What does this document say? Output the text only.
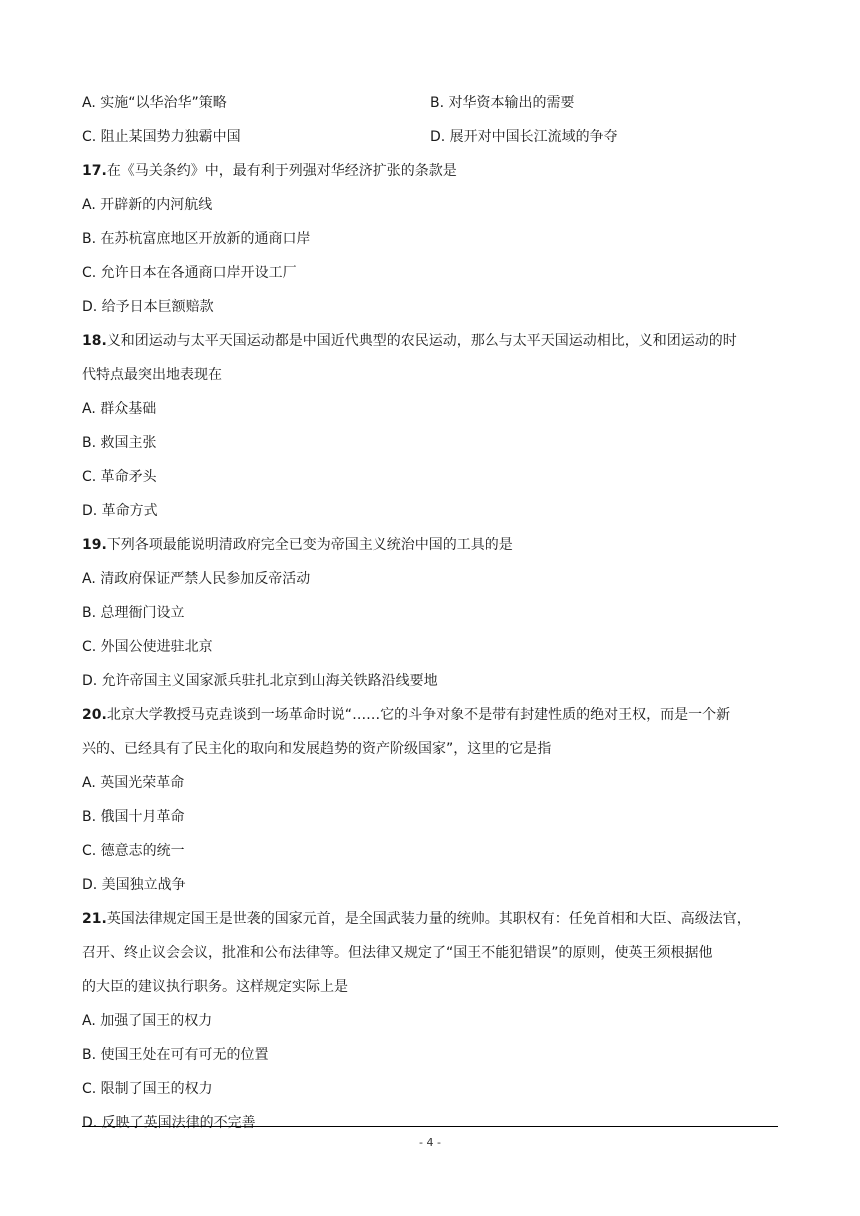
A. 实施“以华治华”策略	B. 对华资本输出的需要
C. 阻止某国势力独霸中国	D. 展开对中国长江流域的争夺
17.在《马关条约》中，最有利于列强对华经济扩张的条款是
A. 开辟新的内河航线
B. 在苏杭富庶地区开放新的通商口岸
C. 允许日本在各通商口岸开设工厂
D. 给予日本巨额赔款
18.义和团运动与太平天国运动都是中国近代典型的农民运动，那么与太平天国运动相比，义和团运动的时
代特点最突出地表现在
A. 群众基础
B. 救国主张
C. 革命矛头
D. 革命方式
19.下列各项最能说明清政府完全已变为帝国主义统治中国的工具的是
A. 清政府保证严禁人民参加反帝活动
B. 总理衙门设立
C. 外国公使进驻北京
D. 允许帝国主义国家派兵驻扎北京到山海关铁路沿线要地
20.北京大学教授马克垚谈到一场革命时说“……它的斗争对象不是带有封建性质的绝对王权，而是一个新
兴的、已经具有了民主化的取向和发展趋势的资产阶级国家”，这里的它是指
A. 英国光荣革命
B. 俄国十月革命
C. 德意志的统一
D. 美国独立战争
21.英国法律规定国王是世袭的国家元首，是全国武装力量的统帅。其职权有：任免首相和大臣、高级法官，
召开、终止议会会议，批准和公布法律等。但法律又规定了“国王不能犯错误”的原则，使英王须根据他
的大臣的建议执行职务。这样规定实际上是
A. 加强了国王的权力
B. 使国王处在可有可无的位置
C. 限制了国王的权力
D. 反映了英国法律的不完善
- 4 -
